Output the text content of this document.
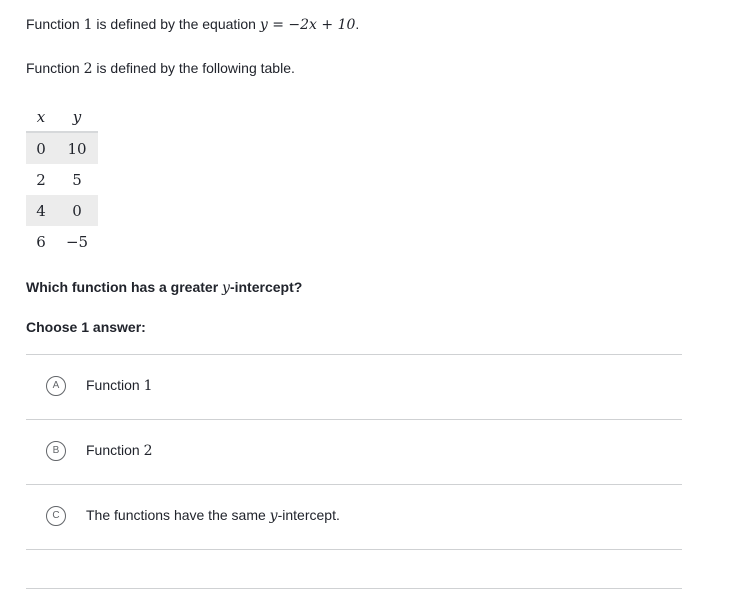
Function 1 is defined by the equation y = −2x + 10.
Function 2 is defined by the following table.
x	y
0	10
2	5
4	0
6	−5
Which function has a greater y-intercept?
Choose 1 answer:
A	Function 1
B	Function 2
C	The functions have the same y-intercept.
